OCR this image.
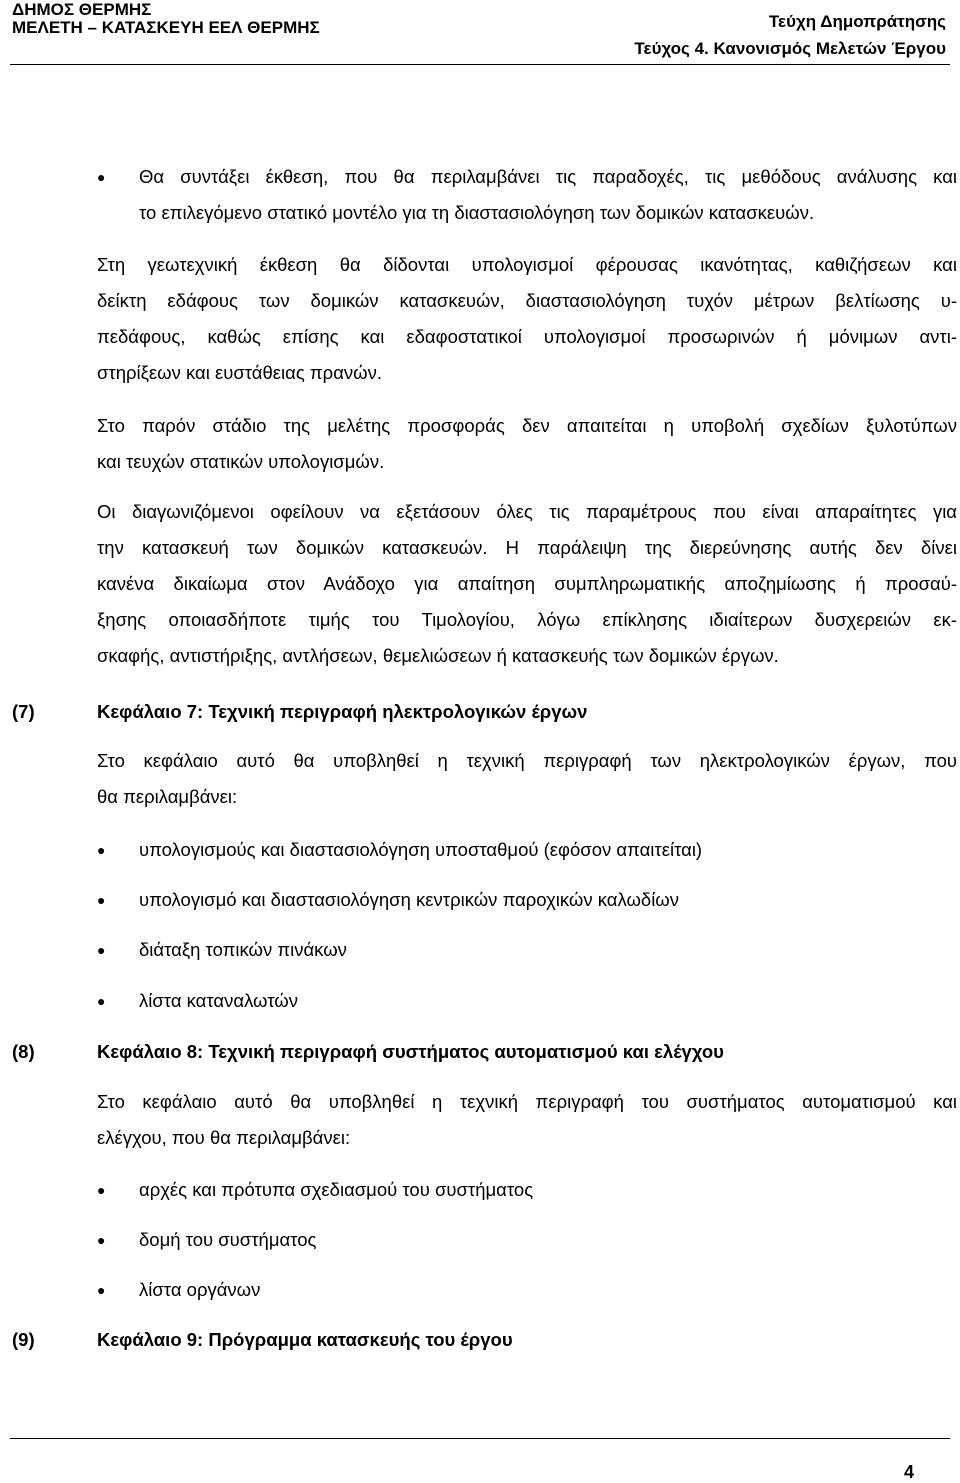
ΔΗΜΟΣ ΘΕΡΜΗΣ
ΜΕΛΕΤΗ – ΚΑΤΑΣΚΕΥΗ ΕΕΛ ΘΕΡΜΗΣ	Τεύχη Δημοπράτησης
Τεύχος 4. Κανονισμός Μελετών Έργου
● Θα συντάξει έκθεση, που θα περιλαμβάνει τις παραδοχές, τις μεθόδους ανάλυσης και
το επιλεγόμενο στατικό μοντέλο για τη διαστασιολόγηση των δομικών κατασκευών.
Στη γεωτεχνική έκθεση θα δίδονται υπολογισμοί φέρουσας ικανότητας, καθιζήσεων και
δείκτη εδάφους των δομικών κατασκευών, διαστασιολόγηση τυχόν μέτρων βελτίωσης υ-
πεδάφους, καθώς επίσης και εδαφοστατικοί υπολογισμοί προσωρινών ή μόνιμων αντι-
στηρίξεων και ευστάθειας πρανών.
Στο παρόν στάδιο της μελέτης προσφοράς δεν απαιτείται η υποβολή σχεδίων ξυλοτύπων
και τευχών στατικών υπολογισμών.
Οι διαγωνιζόμενοι οφείλουν να εξετάσουν όλες τις παραμέτρους που είναι απαραίτητες για
την κατασκευή των δομικών κατασκευών. Η παράλειψη της διερεύνησης αυτής δεν δίνει
κανένα δικαίωμα στον Ανάδοχο για απαίτηση συμπληρωματικής αποζημίωσης ή προσαύ-
ξησης οποιασδήποτε τιμής του Τιμολογίου, λόγω επίκλησης ιδιαίτερων δυσχερειών εκ-
σκαφής, αντιστήριξης, αντλήσεων, θεμελιώσεων ή κατασκευής των δομικών έργων.
(7)	Κεφάλαιο 7: Τεχνική περιγραφή ηλεκτρολογικών έργων
Στο κεφάλαιο αυτό θα υποβληθεί η τεχνική περιγραφή των ηλεκτρολογικών έργων, που
θα περιλαμβάνει:
● υπολογισμούς και διαστασιολόγηση υποσταθμού (εφόσον απαιτείται)
● υπολογισμό και διαστασιολόγηση κεντρικών παροχικών καλωδίων
● διάταξη τοπικών πινάκων
● λίστα καταναλωτών
(8)	Κεφάλαιο 8: Τεχνική περιγραφή συστήματος αυτοματισμού και ελέγχου
Στο κεφάλαιο αυτό θα υποβληθεί η τεχνική περιγραφή του συστήματος αυτοματισμού και
ελέγχου, που θα περιλαμβάνει:
● αρχές και πρότυπα σχεδιασμού του συστήματος
● δομή του συστήματος
● λίστα οργάνων
(9)	Κεφάλαιο 9: Πρόγραμμα κατασκευής του έργου
4
